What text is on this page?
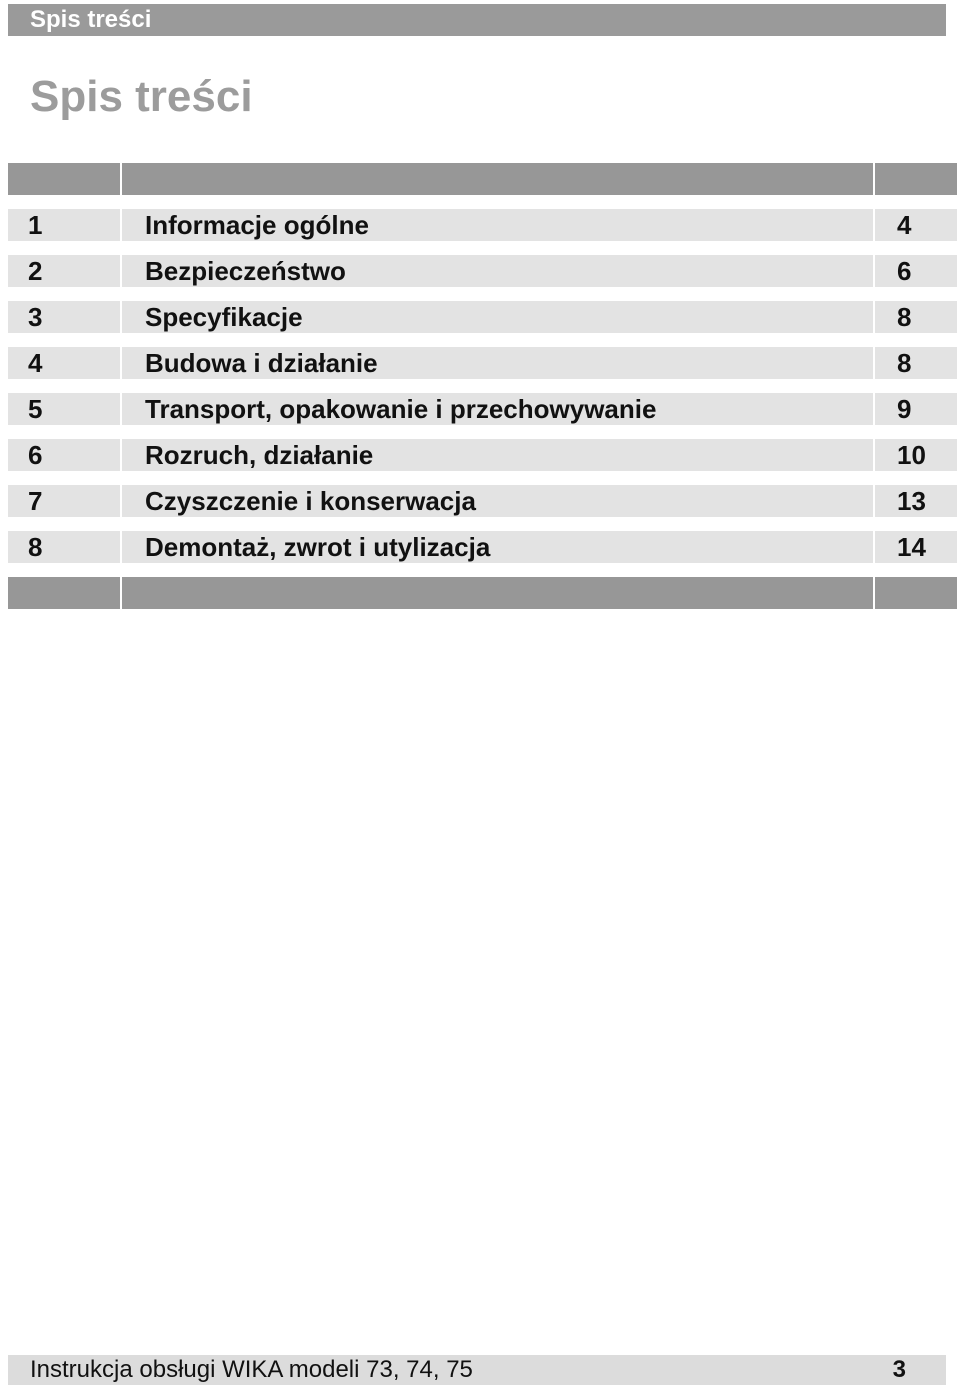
Spis treści
Spis treści
1	Informacje ogólne	4
2	Bezpieczeństwo	6
3	Specyfikacje	8
4	Budowa i działanie	8
5	Transport, opakowanie i przechowywanie	9
6	Rozruch, działanie	10
7	Czyszczenie i konserwacja	13
8	Demontaż, zwrot i utylizacja	14
Instrukcja obsługi WIKA modeli 73, 74, 75	3
